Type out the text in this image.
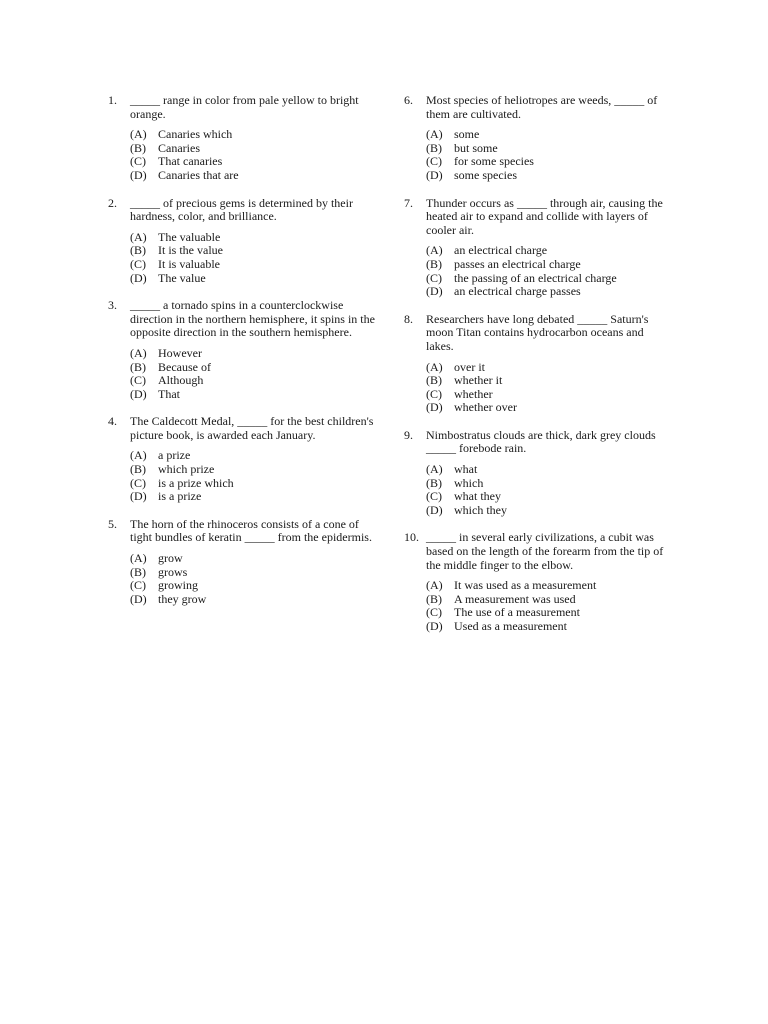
1. _____ range in color from pale yellow to bright orange.

(A) Canaries which
(B)	Canaries
(C)	That canaries
(D) Canaries that are
2. _____ of precious gems is determined by their hardness, color, and brilliance.

(A) The valuable
(B)	It is the value
(C)	It is valuable
(D) The value
3. _____ a tornado spins in a counterclockwise direction in the northern hemisphere, it spins in the opposite direction in the southern hemisphere.

(A) However
(B)	Because of
(C)	Although
(D) That
4. The Caldecott Medal, _____ for the best children's picture book, is awarded each January.

(A) a prize
(B)	which prize
(C)	is a prize which
(D) is a prize
5. The horn of the rhinoceros consists of a cone of tight bundles of keratin _____ from the epidermis.

(A) grow
(B)	grows
(C)	growing
(D) they grow
6. Most species of heliotropes are weeds, _____ of them are cultivated.

(A) some
(B)	but some
(C)	for some species
(D) some species
7. Thunder occurs as _____ through air, causing the heated air to expand and collide with layers of cooler air.

(A) an electrical charge
(B)	passes an electrical charge
(C)	the passing of an electrical charge
(D) an electrical charge passes
8. Researchers have long debated _____ Saturn's moon Titan contains hydrocarbon oceans and lakes.

(A) over it
(B)	whether it
(C)	whether
(D) whether over
9. Nimbostratus clouds are thick, dark grey clouds _____ forebode rain.

(A) what
(B)	which
(C)	what they
(D) which they
10. _____ in several early civilizations, a cubit was based on the length of the forearm from the tip of the middle finger to the elbow.

(A) It was used as a measurement
(B)	A measurement was used
(C)	The use of a measurement
(D) Used as a measurement
